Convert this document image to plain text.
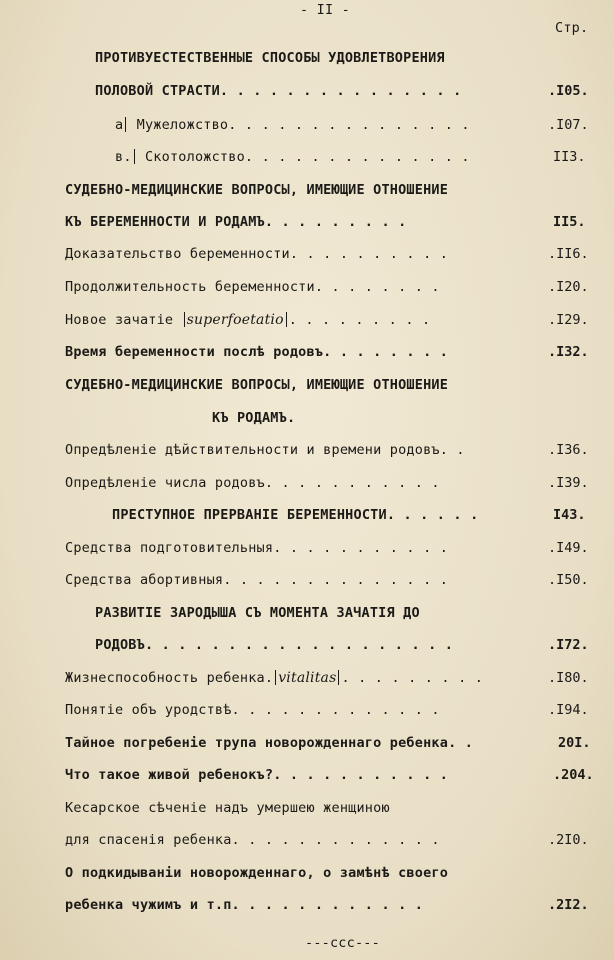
- II -
Стр.
ПРОТИВУЕСТЕСТВЕННЫЕ СПОСОБЫ УДОВЛЕТВОРЕНИЯ
ПОЛОВОЙ СТРАСТИ. . . . . . . . . . . . . . .	.I05.
а Мужеложство. . . . . . . . . . . . . . .	.I07.
в. Скотоложство. . . . . . . . . . . . . .	II3.
СУДЕБНО-МЕДИЦИНСКИЕ ВОПРОСЫ, ИМЕЮЩИЕ ОТНОШЕНИЕ
КЪ БЕРЕМЕННОСТИ И РОДАМЪ. . . . . . . . .	II5.
Доказательство беременности. . . . . . . . . .	.II6.
Продолжительность беременности. . . . . . . .	.I20.
Новое зачатiе superfoetatio . . . . . . . . .	.I29.
Время беременности послѣ родовъ. . . . . . . .	.I32.
СУДЕБНО-МЕДИЦИНСКИЕ ВОПРОСЫ, ИМЕЮЩИЕ ОТНОШЕНИЕ
КЪ РОДАМЪ.
Опредѣленiе дѣйствительности и времени родовъ. .	.I36.
Опредѣленiе числа родовъ. . . . . . . . . . .	.I39.
ПРЕСТУПНОЕ ПРЕРВАНIЕ БЕРЕМЕННОСТИ. . . . . .	I43.
Средства подготовительныя. . . . . . . . . . .	.I49.
Средства абортивныя. . . . . . . . . . . . . .	.I50.
РАЗВИТIЕ ЗАРОДЫША СЪ МОМЕНТА ЗАЧАТIЯ ДО
РОДОВЪ. . . . . . . . . . . . . . . . . . .	.I72.
Жизнеспособность ребенка. vitalitas . . . . . . . . .	.I80.
Понятiе объ уродствѣ. . . . . . . . . . . . .	.I94.
Тайное погребенiе трупа новорожденнаго ребенка. .	20I.
Что такое живой ребенокъ?. . . . . . . . . . .	.204.
Кесарское сѣченiе надъ умершею женщиною
для спасенiя ребенка. . . . . . . . . . . . .	.2I0.
О подкидываніи новорожденнаго, о замѣнѣ своего
ребенка чужимъ и т.п. . . . . . . . . . . .	.2I2.
---ссс---
